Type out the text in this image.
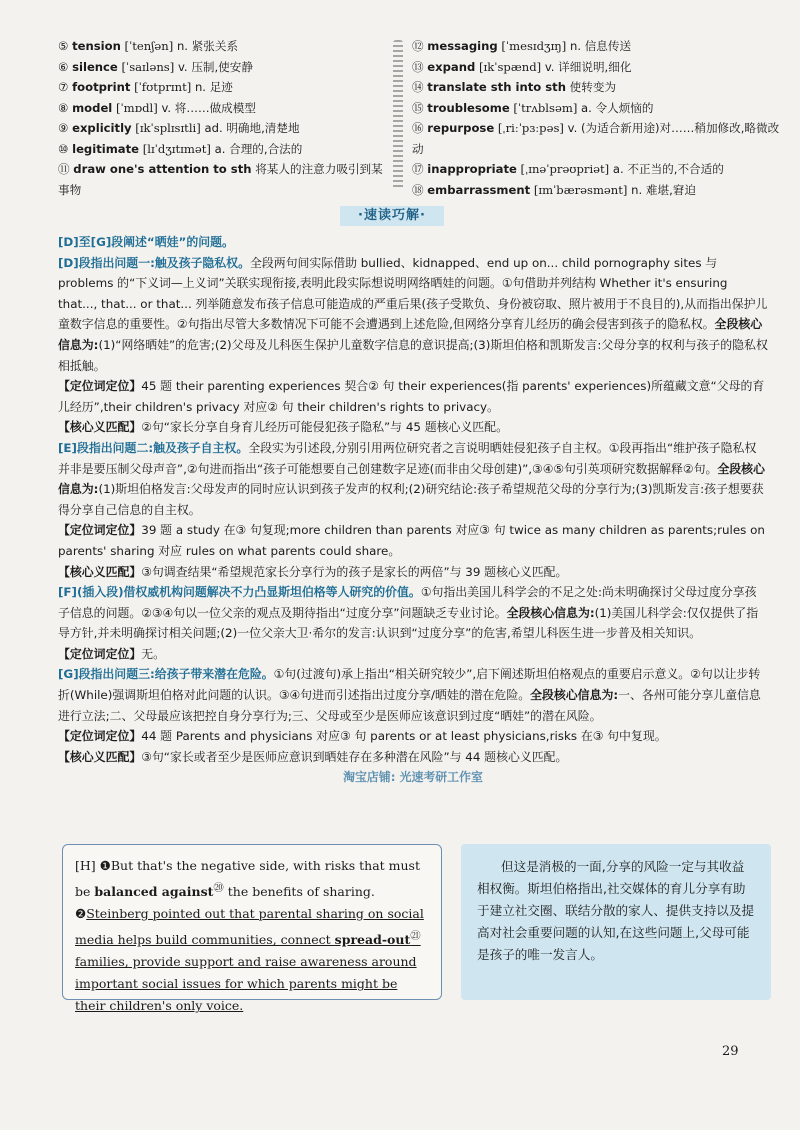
⑤ tension [ˈtenʃən] n. 紧张关系

⑥ silence [ˈsaɪləns] v. 压制,使安静

⑦ footprint [ˈfʊtprɪnt] n. 足迹

⑧ model [ˈmɒdl] v. 将……做成模型

⑨ explicitly [ɪkˈsplɪsɪtli] ad. 明确地,清楚地

⑩ legitimate [lɪˈdʒɪtɪmət] a. 合理的,合法的

⑪ draw one's attention to sth 将某人的注意力吸引到某事物

⑫ messaging [ˈmesɪdʒɪŋ] n. 信息传送

⑬ expand [ɪkˈspænd] v. 详细说明,细化

⑭ translate sth into sth 使转变为

⑮ troublesome [ˈtrʌblsəm] a. 令人烦恼的

⑯ repurpose [ˌriːˈpɜːpəs] v. (为适合新用途)对……稍加修改,略微改动

⑰ inappropriate [ˌɪnəˈprəʊpriət] a. 不正当的,不合适的

⑱ embarrassment [ɪmˈbærəsmənt] n. 难堪,窘迫

·速读巧解·

[D]至[G]段阐述“晒娃”的问题。

[D]段指出问题一:触及孩子隐私权。全段两句间实际借助 bullied、kidnapped、end up on... child pornography sites 与 problems 的“下义词—上义词”关联实现衔接,表明此段实际想说明网络晒娃的问题。①句借助并列结构 Whether it's ensuring that..., that... or that... 列举随意发布孩子信息可能造成的严重后果(孩子受欺负、身份被窃取、照片被用于不良目的),从而指出保护儿童数字信息的重要性。②句指出尽管大多数情况下可能不会遭遇到上述危险,但网络分享育儿经历的确会侵害到孩子的隐私权。全段核心信息为:(1)“网络晒娃”的危害;(2)父母及儿科医生保护儿童数字信息的意识提高;(3)斯坦伯格和凯斯发言:父母分享的权利与孩子的隐私权相抵触。

【定位词定位】45 题 their parenting experiences 契合② 句 their experiences(指 parents' experiences)所蕴藏文意“父母的育儿经历”,their children's privacy 对应② 句 their children's rights to privacy。

【核心义匹配】②句“家长分享自身育儿经历可能侵犯孩子隐私”与 45 题核心义匹配。

[E]段指出问题二:触及孩子自主权。全段实为引述段,分别引用两位研究者之言说明晒娃侵犯孩子自主权。①段再指出“维护孩子隐私权并非是要压制父母声音”,②句进而指出“孩子可能想要自己创建数字足迹(而非由父母创建)”,③④⑤句引英项研究数据解释②句。全段核心信息为:(1)斯坦伯格发言:父母发声的同时应认识到孩子发声的权利;(2)研究结论:孩子希望规范父母的分享行为;(3)凯斯发言:孩子想要获得分享自己信息的自主权。

【定位词定位】39 题 a study 在③ 句复现;more children than parents 对应③ 句 twice as many children as parents;rules on parents' sharing 对应 rules on what parents could share。

【核心义匹配】③句调查结果“希望规范家长分享行为的孩子是家长的两倍”与 39 题核心义匹配。

[F](插入段)借权威机构问题解决不力凸显斯坦伯格等人研究的价值。①句指出美国儿科学会的不足之处:尚未明确探讨父母过度分享孩子信息的问题。②③④句以一位父亲的观点及期待指出“过度分享”问题缺乏专业讨论。全段核心信息为:(1)美国儿科学会:仅仅提供了指导方针,并未明确探讨相关问题;(2)一位父亲大卫·希尔的发言:认识到“过度分享”的危害,希望儿科医生进一步普及相关知识。

【定位词定位】无。

[G]段指出问题三:给孩子带来潜在危险。①句(过渡句)承上指出“相关研究较少”,启下阐述斯坦伯格观点的重要启示意义。②句以让步转折(While)强调斯坦伯格对此问题的认识。③④句进而引述指出过度分享/晒娃的潜在危险。全段核心信息为:一、各州可能分享儿童信息进行立法;二、父母最应该把控自身分享行为;三、父母或至少是医师应该意识到过度“晒娃”的潜在风险。

【定位词定位】44 题 Parents and physicians 对应③ 句 parents or at least physicians,risks 在③ 句中复现。

【核心义匹配】③句“家长或者至少是医师应意识到晒娃存在多种潜在风险”与 44 题核心义匹配。

淘宝店铺: 光速考研工作室

[H] ❶But that's the negative side, with risks that must be balanced against⑳ the benefits of sharing. ❷Steinberg pointed out that parental sharing on social media helps build communities, connect spread-out$^㉑$ families, provide support and raise awareness around important social issues for which parents might be their children's only voice.
但这是消极的一面,分享的风险一定与其收益相权衡。斯坦伯格指出,社交媒体的育儿分享有助于建立社交圈、联结分散的家人、提供支持以及提高对社会重要问题的认知,在这些问题上,父母可能是孩子的唯一发言人。
29
